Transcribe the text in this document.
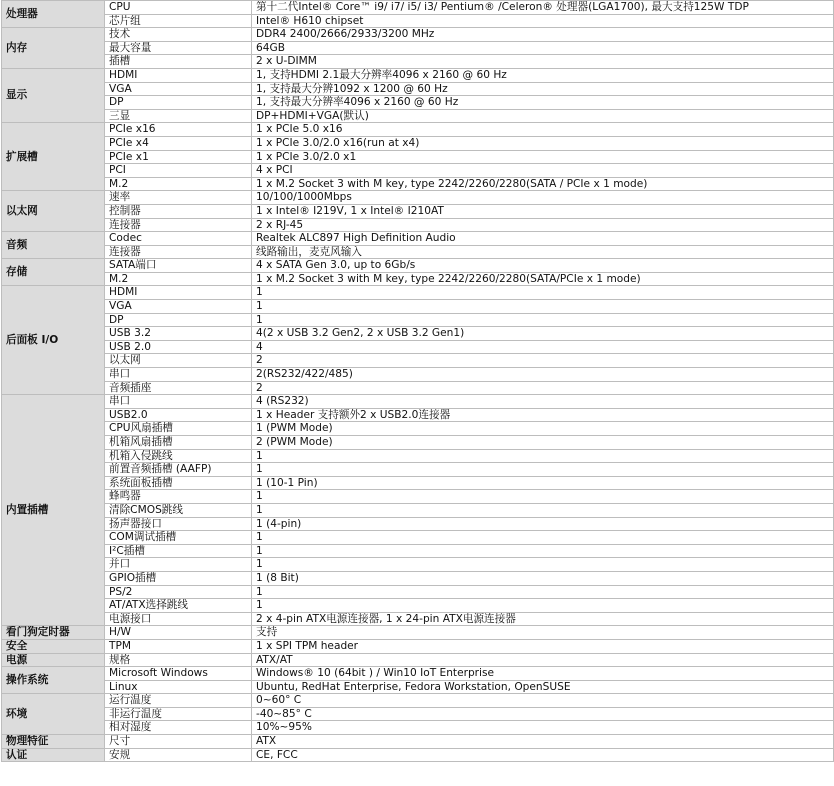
处理器	CPU	第十二代Intel® Core™ i9/ i7/ i5/ i3/ Pentium® /Celeron® 处理器(LGA1700), 最大支持125W TDP
	芯片组	Intel® H610 chipset
内存	技术	DDR4 2400/2666/2933/3200 MHz
	最大容量	64GB
	插槽	2 x U-DIMM
显示	HDMI	1, 支持HDMI 2.1最大分辨率4096 x 2160 @ 60 Hz
	VGA	1, 支持最大分辨1092 x 1200 @ 60 Hz
	DP	1, 支持最大分辨率4096 x 2160 @ 60 Hz
	三显	DP+HDMI+VGA(默认)
扩展槽	PCIe x16	1 x PCIe 5.0 x16
	PCIe x4	1 x PCIe 3.0/2.0 x16(run at x4)
	PCIe x1	1 x PCIe 3.0/2.0 x1
	PCI	4 x PCI
	M.2	1 x M.2 Socket 3 with M key, type 2242/2260/2280(SATA / PCIe x 1 mode)
以太网	速率	10/100/1000Mbps
	控制器	1 x Intel® I219V, 1 x Intel® I210AT
	连接器	2 x RJ-45
音频	Codec	Realtek ALC897 High Definition Audio
	连接器	线路输出，麦克风输入
存储	SATA端口	4 x SATA Gen 3.0, up to 6Gb/s
	M.2	1 x M.2 Socket 3 with M key, type 2242/2260/2280(SATA/PCIe x 1 mode)
后面板 I/O	HDMI	1
	VGA	1
	DP	1
	USB 3.2	4(2 x USB 3.2 Gen2, 2 x USB 3.2 Gen1)
	USB 2.0	4
	以太网	2
	串口	2(RS232/422/485)
	音频插座	2
内置插槽	串口	4 (RS232)
	USB2.0	1 x Header 支持额外2 x USB2.0连接器
	CPU风扇插槽	1 (PWM Mode)
	机箱风扇插槽	2 (PWM Mode)
	机箱入侵跳线	1
	前置音频插槽 (AAFP)	1
	系统面板插槽	1 (10-1 Pin)
	蜂鸣器	1
	清除CMOS跳线	1
	扬声器接口	1 (4-pin)
	COM调试插槽	1
	I²C插槽	1
	并口	1
	GPIO插槽	1 (8 Bit)
	PS/2	1
	AT/ATX选择跳线	1
	电源接口	2 x 4-pin ATX电源连接器, 1 x 24-pin ATX电源连接器
看门狗定时器	H/W	支持
安全	TPM	1 x SPI TPM header
电源	规格	ATX/AT
操作系统	Microsoft Windows	Windows® 10 (64bit ) / Win10 IoT Enterprise
	Linux	Ubuntu, RedHat Enterprise, Fedora Workstation, OpenSUSE
环境	运行温度	0~60° C
	非运行温度	-40~85° C
	相对湿度	10%~95%
物理特征	尺寸	ATX
认证	安规	CE, FCC
